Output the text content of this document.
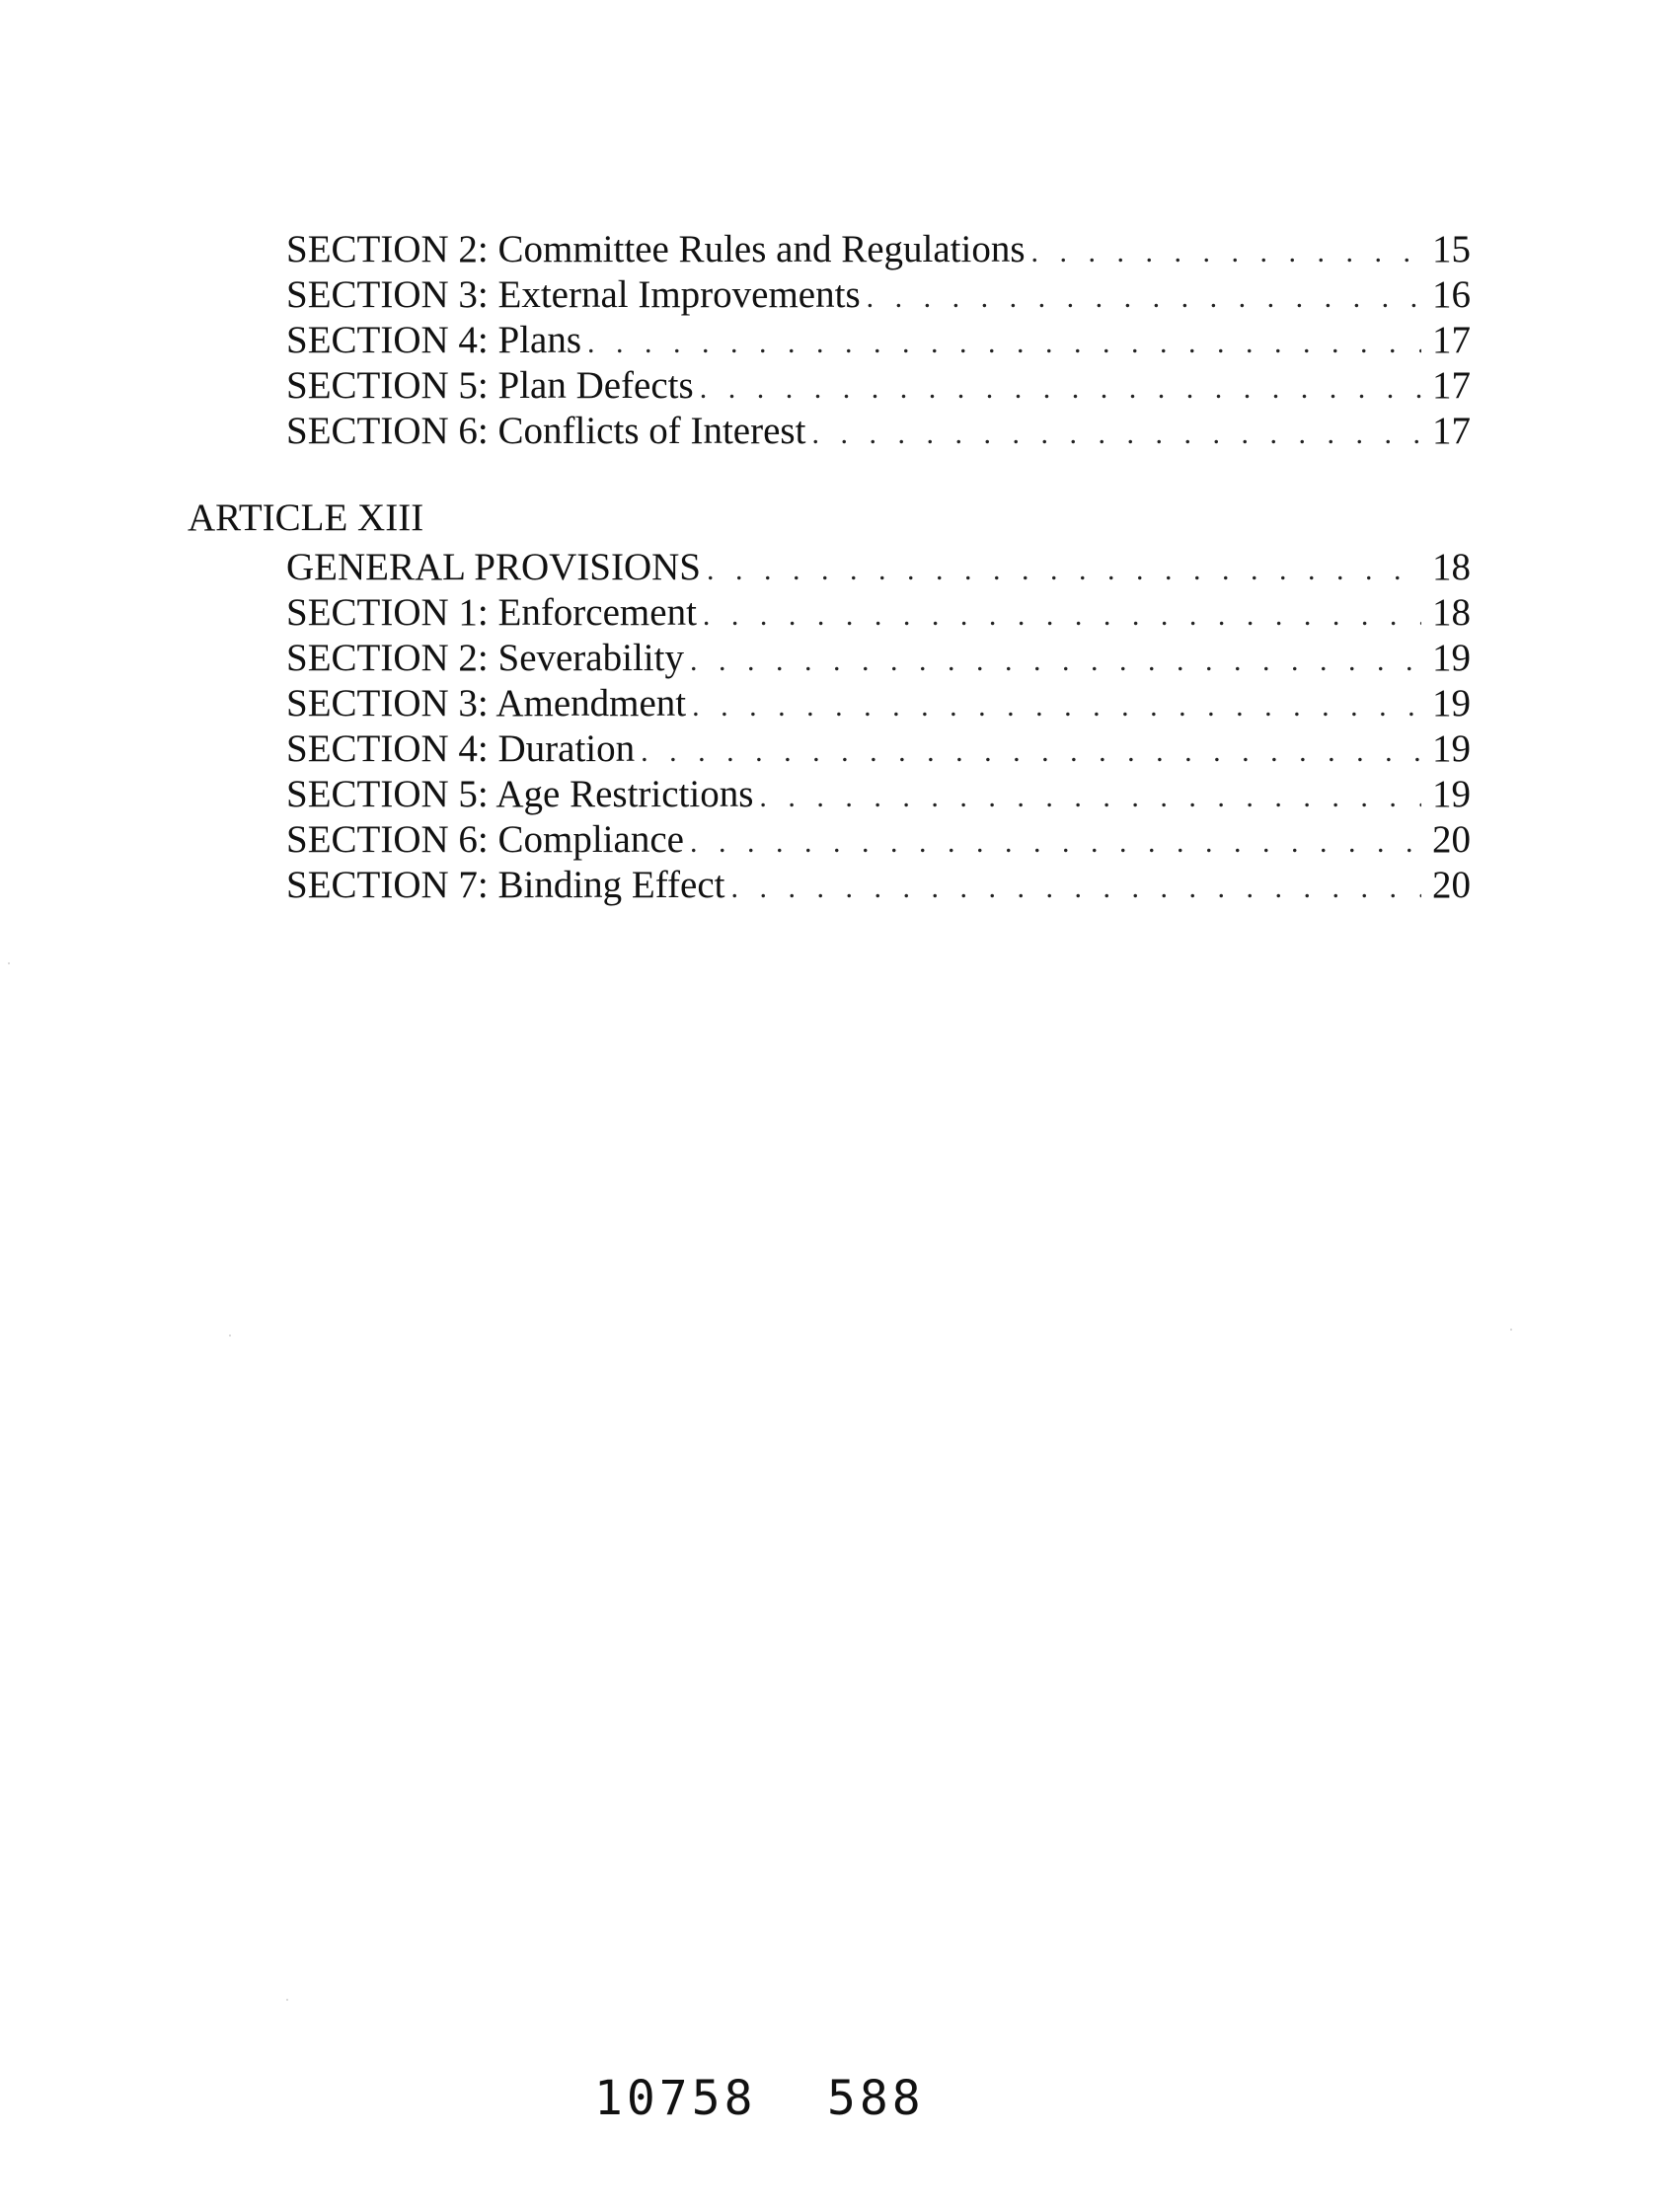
SECTION 2: Committee Rules and Regulations . . .	15
SECTION 3: External Improvements . . .	16
SECTION 4: Plans . . .	17
SECTION 5: Plan Defects . . .	17
SECTION 6: Conflicts of Interest . . .	17
ARTICLE XIII
GENERAL PROVISIONS . . .	18
SECTION 1: Enforcement . . .	18
SECTION 2: Severability . . .	19
SECTION 3: Amendment . . .	19
SECTION 4: Duration . . .	19
SECTION 5: Age Restrictions . . .	19
SECTION 6: Compliance . . .	20
SECTION 7: Binding Effect . . .	20
10758 588
